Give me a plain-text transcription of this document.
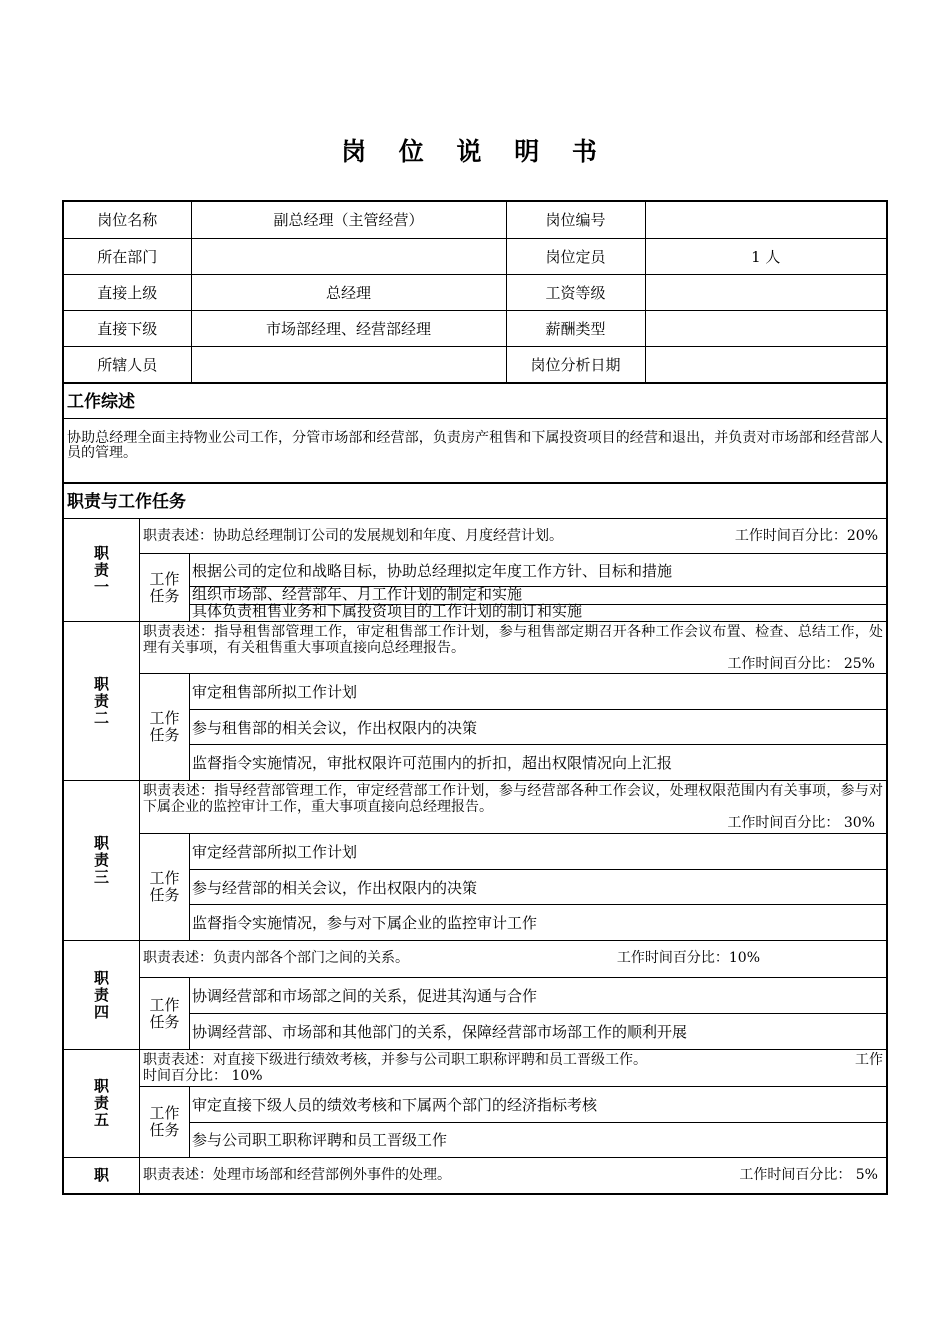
岗 位 说 明 书
岗位名称	副总经理（主管经营）	岗位编号	
所在部门		岗位定员	1 人
直接上级	总经理	工资等级	
直接下级	市场部经理、经营部经理	薪酬类型	
所辖人员		岗位分析日期	
工作综述
协助总经理全面主持物业公司工作，分管市场部和经营部，负责房产租售和下属投资项目的经营和退出，并负责对市场部和经营部人员的管理。
职责与工作任务
职责一
职责表述：协助总经理制订公司的发展规划和年度、月度经营计划。	工作时间百分比：20%
工作任务
根据公司的定位和战略目标，协助总经理拟定年度工作方针、目标和措施
组织市场部、经营部年、月工作计划的制定和实施
具体负责租售业务和下属投资项目的工作计划的制订和实施
职责二
职责表述：指导租售部管理工作，审定租售部工作计划，参与租售部定期召开各种工作会议布置、检查、总结工作，处理有关事项，有关租售重大事项直接向总经理报告。
工作时间百分比： 25%
工作任务
审定租售部所拟工作计划
参与租售部的相关会议，作出权限内的决策
监督指令实施情况，审批权限许可范围内的折扣，超出权限情况向上汇报
职责三
职责表述：指导经营部管理工作，审定经营部工作计划，参与经营部各种工作会议，处理权限范围内有关事项，参与对下属企业的监控审计工作，重大事项直接向总经理报告。
工作时间百分比： 30%
工作任务
审定经营部所拟工作计划
参与经营部的相关会议，作出权限内的决策
监督指令实施情况，参与对下属企业的监控审计工作
职责四
职责表述：负责内部各个部门之间的关系。	工作时间百分比：10%
工作任务
协调经营部和市场部之间的关系，促进其沟通与合作
协调经营部、市场部和其他部门的关系，保障经营部市场部工作的顺利开展
职责五
职责表述：对直接下级进行绩效考核，并参与公司职工职称评聘和员工晋级工作。	工作
时间百分比： 10%
工作任务
审定直接下级人员的绩效考核和下属两个部门的经济指标考核
参与公司职工职称评聘和员工晋级工作
职 职责表述：处理市场部和经营部例外事件的处理。	工作时间百分比： 5%
